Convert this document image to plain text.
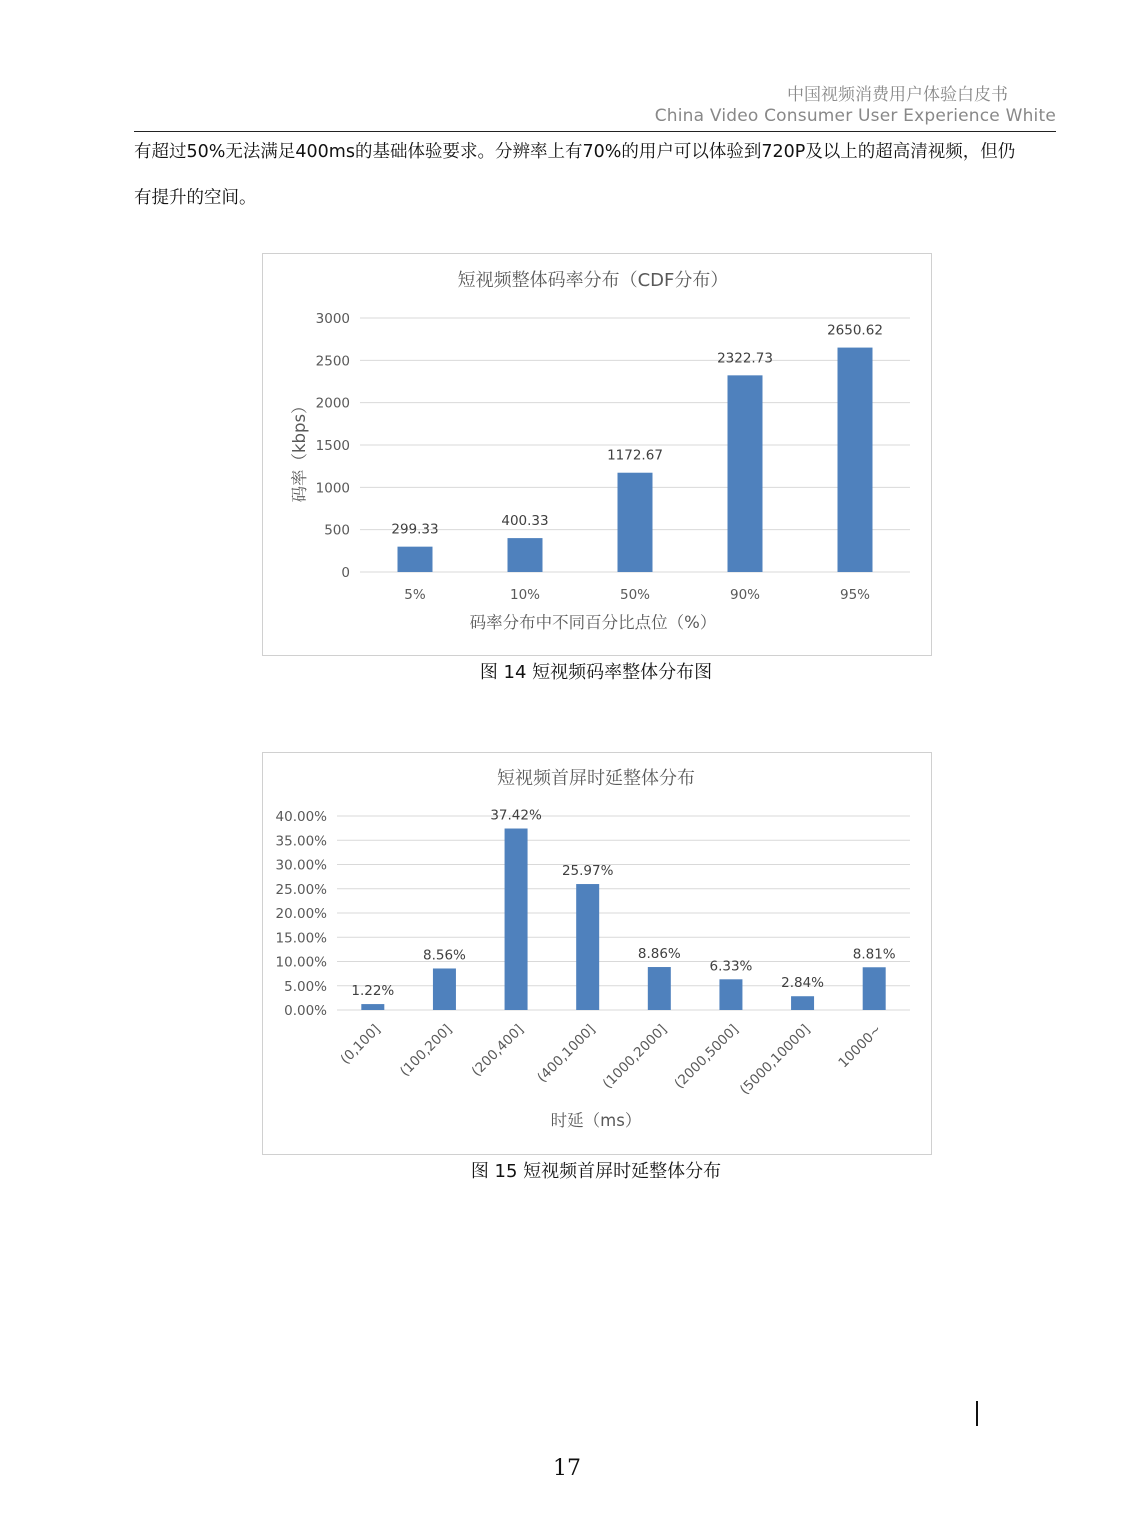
中国视频消费用户体验白皮书
China Video Consumer User Experience White
有超过50%无法满足400ms的基础体验要求。分辨率上有70%的用户可以体验到720P及以上的超高清视频，但仍
有提升的空间。
短视频整体码率分布（CDF分布）
0
500
1000
1500
2000
2500
3000
299.33
5%
400.33
10%
1172.67
50%
2322.73
90%
2650.62
95%
码率分布中不同百分比点位（%）
码率（kbps）
图 14 短视频码率整体分布图
短视频首屏时延整体分布
0.00%
5.00%
10.00%
15.00%
20.00%
25.00%
30.00%
35.00%
40.00%
1.22%
(0,100]
8.56%
(100,200]
37.42%
(200,400]
25.97%
(400,1000]
8.86%
(1000,2000]
6.33%
(2000,5000]
2.84%
(5000,10000]
8.81%
10000~
时延（ms）
图 15 短视频首屏时延整体分布
17
